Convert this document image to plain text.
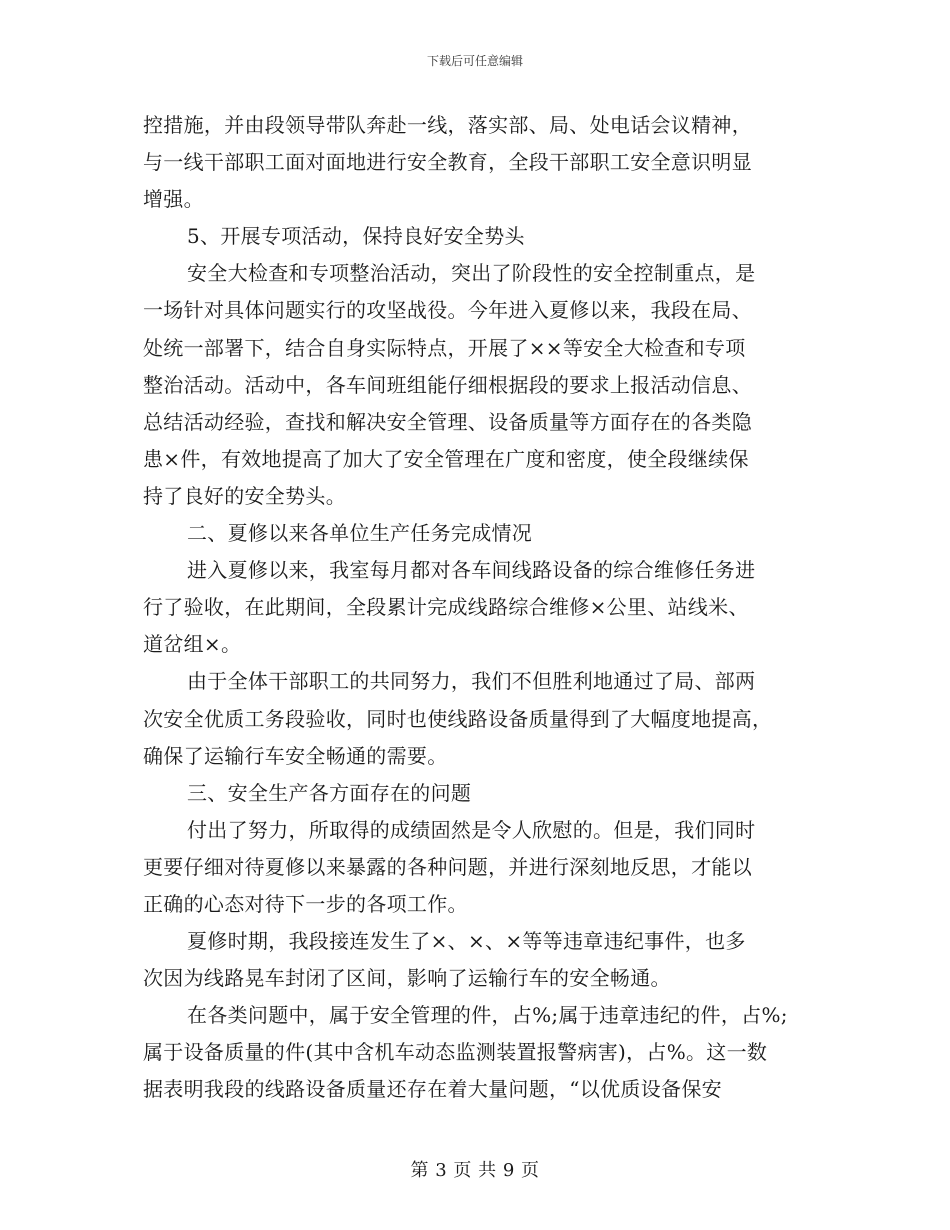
下载后可任意编辑
控措施，并由段领导带队奔赴一线，落实部、局、处电话会议精神，
与一线干部职工面对面地进行安全教育，全段干部职工安全意识明显
增强。
5、开展专项活动，保持良好安全势头
安全大检查和专项整治活动，突出了阶段性的安全控制重点，是
一场针对具体问题实行的攻坚战役。今年进入夏修以来，我段在局、
处统一部署下，结合自身实际特点，开展了××等安全大检查和专项
整治活动。活动中，各车间班组能仔细根据段的要求上报活动信息、
总结活动经验，查找和解决安全管理、设备质量等方面存在的各类隐
患×件，有效地提高了加大了安全管理在广度和密度，使全段继续保
持了良好的安全势头。
二、夏修以来各单位生产任务完成情况
进入夏修以来，我室每月都对各车间线路设备的综合维修任务进
行了验收，在此期间，全段累计完成线路综合维修×公里、站线米、
道岔组×。
由于全体干部职工的共同努力，我们不但胜利地通过了局、部两
次安全优质工务段验收，同时也使线路设备质量得到了大幅度地提高，
确保了运输行车安全畅通的需要。
三、安全生产各方面存在的问题
付出了努力，所取得的成绩固然是令人欣慰的。但是，我们同时
更要仔细对待夏修以来暴露的各种问题，并进行深刻地反思，才能以
正确的心态对待下一步的各项工作。
夏修时期，我段接连发生了×、×、×等等违章违纪事件，也多
次因为线路晃车封闭了区间，影响了运输行车的安全畅通。
在各类问题中，属于安全管理的件，占%;属于违章违纪的件，占%;
属于设备质量的件(其中含机车动态监测装置报警病害)，占%。这一数
据表明我段的线路设备质量还存在着大量问题，“以优质设备保安
第 3 页 共 9 页
